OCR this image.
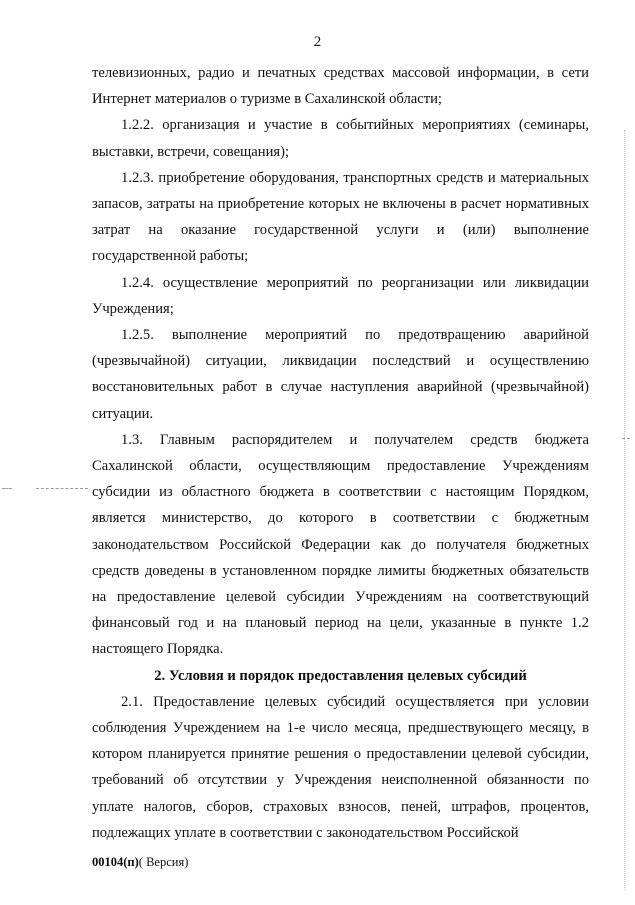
2

телевизионных, радио и печатных средствах массовой информации, в сети Интернет материалов о туризме в Сахалинской области;

1.2.2. организация и участие в событийных мероприятиях (семинары, выставки, встречи, совещания);

1.2.3. приобретение оборудования, транспортных средств и материальных запасов, затраты на приобретение которых не включены в расчет нормативных затрат на оказание государственной услуги и (или) выполнение государственной работы;

1.2.4. осуществление мероприятий по реорганизации или ликвидации Учреждения;

1.2.5. выполнение мероприятий по предотвращению аварийной (чрезвычайной) ситуации, ликвидации последствий и осуществлению восстановительных работ в случае наступления аварийной (чрезвычайной) ситуации.

1.3. Главным распорядителем и получателем средств бюджета Сахалинской области, осуществляющим предоставление Учреждениям субсидии из областного бюджета в соответствии с настоящим Порядком, является министерство, до которого в соответствии с бюджетным законодательством Российской Федерации как до получателя бюджетных средств доведены в установленном порядке лимиты бюджетных обязательств на предоставление целевой субсидии Учреждениям на соответствующий финансовый год и на плановый период на цели, указанные в пункте 1.2 настоящего Порядка.

2. Условия и порядок предоставления целевых субсидий

2.1. Предоставление целевых субсидий осуществляется при условии соблюдения Учреждением на 1-е число месяца, предшествующего месяцу, в котором планируется принятие решения о предоставлении целевой субсидии, требований об отсутствии у Учреждения неисполненной обязанности по уплате налогов, сборов, страховых взносов, пеней, штрафов, процентов, подлежащих уплате в соответствии с законодательством Российской

00104(п)( Версия)
